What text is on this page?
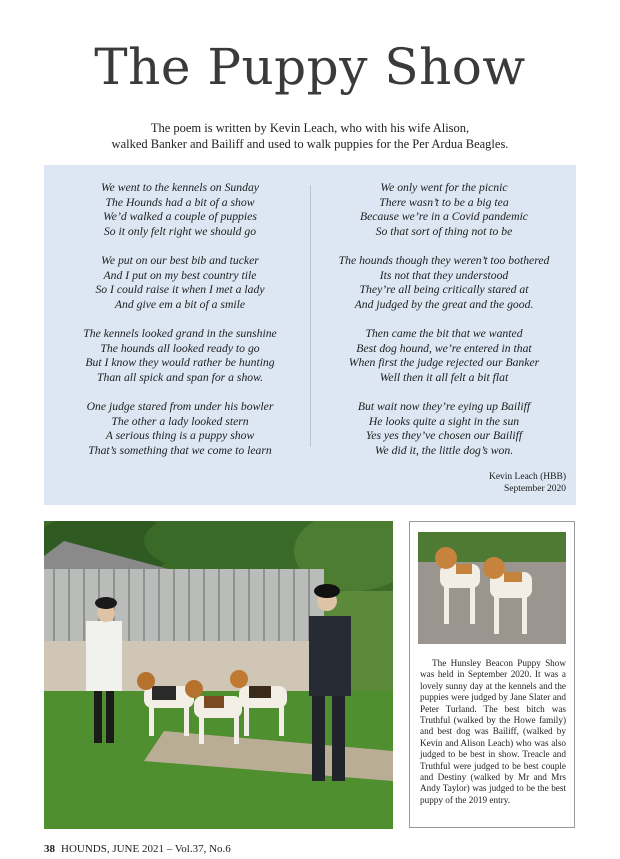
The Puppy Show
The poem is written by Kevin Leach, who with his wife Alison,
walked Banker and Bailiff and used to walk puppies for the Per Ardua Beagles.
We went to the kennels on Sunday
The Hounds had a bit of a show
We’d walked a couple of puppies
So it only felt right we should go
We put on our best bib and tucker
And I put on my best country tile
So I could raise it when I met a lady
And give em a bit of a smile
The kennels looked grand in the sunshine
The hounds all looked ready to go
But I know they would rather be hunting
Than all spick and span for a show.
One judge stared from under his bowler
The other a lady looked stern
A serious thing is a puppy show
That’s something that we come to learn
We only went for the picnic
There wasn’t to be a big tea
Because we’re in a Covid pandemic
So that sort of thing not to be
The hounds though they weren’t too bothered
Its not that they understood
They’re all being critically stared at
And judged by the great and the good.
Then came the bit that we wanted
Best dog hound, we’re entered in that
When first the judge rejected our Banker
Well then it all felt a bit flat
But wait now they’re eying up Bailiff
He looks quite a sight in the sun
Yes yes they’ve chosen our Bailiff
We did it, the little dog’s won.
Kevin Leach (HBB)
September 2020
The Hunsley Beacon Puppy Show was held in September 2020. It was a lovely sunny day at the kennels and the puppies were judged by Jane Slater and Peter Turland. The best bitch was Truthful (walked by the Howe family) and best dog was Bailiff, (walked by Kevin and Alison Leach) who was also judged to be best in show. Treacle and Truthful were judged to be best couple and Destiny (walked by Mr and Mrs Andy Taylor) was judged to be the best puppy of the 2019 entry.
38 HOUNDS, JUNE 2021 – Vol.37, No.6
